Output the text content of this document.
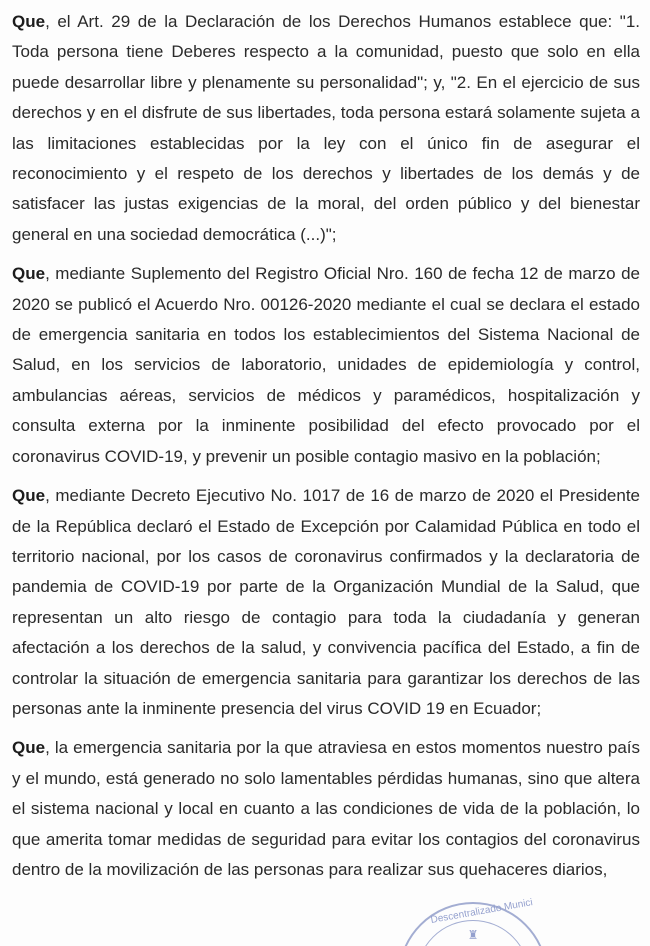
Que, el Art. 29 de la Declaración de los Derechos Humanos establece que: "1. Toda persona tiene Deberes respecto a la comunidad, puesto que solo en ella puede desarrollar libre y plenamente su personalidad"; y, "2. En el ejercicio de sus derechos y en el disfrute de sus libertades, toda persona estará solamente sujeta a las limitaciones establecidas por la ley con el único fin de asegurar el reconocimiento y el respeto de los derechos y libertades de los demás y de satisfacer las justas exigencias de la moral, del orden público y del bienestar general en una sociedad democrática (...)";

Que, mediante Suplemento del Registro Oficial Nro. 160 de fecha 12 de marzo de 2020 se publicó el Acuerdo Nro. 00126-2020 mediante el cual se declara el estado de emergencia sanitaria en todos los establecimientos del Sistema Nacional de Salud, en los servicios de laboratorio, unidades de epidemiología y control, ambulancias aéreas, servicios de médicos y paramédicos, hospitalización y consulta externa por la inminente posibilidad del efecto provocado por el coronavirus COVID-19, y prevenir un posible contagio masivo en la población;

Que, mediante Decreto Ejecutivo No. 1017 de 16 de marzo de 2020 el Presidente de la República declaró el Estado de Excepción por Calamidad Pública en todo el territorio nacional, por los casos de coronavirus confirmados y la declaratoria de pandemia de COVID-19 por parte de la Organización Mundial de la Salud, que representan un alto riesgo de contagio para toda la ciudadanía y generan afectación a los derechos de la salud, y convivencia pacífica del Estado, a fin de controlar la situación de emergencia sanitaria para garantizar los derechos de las personas ante la inminente presencia del virus COVID 19 en Ecuador;

Que, la emergencia sanitaria por la que atraviesa en estos momentos nuestro país y el mundo, está generado no solo lamentables pérdidas humanas, sino que altera el sistema nacional y local en cuanto a las condiciones de vida de la población, lo que amerita tomar medidas de seguridad para evitar los contagios del coronavirus dentro de la movilización de las personas para realizar sus quehaceres diarios,

Descentralizado Munici
♜
